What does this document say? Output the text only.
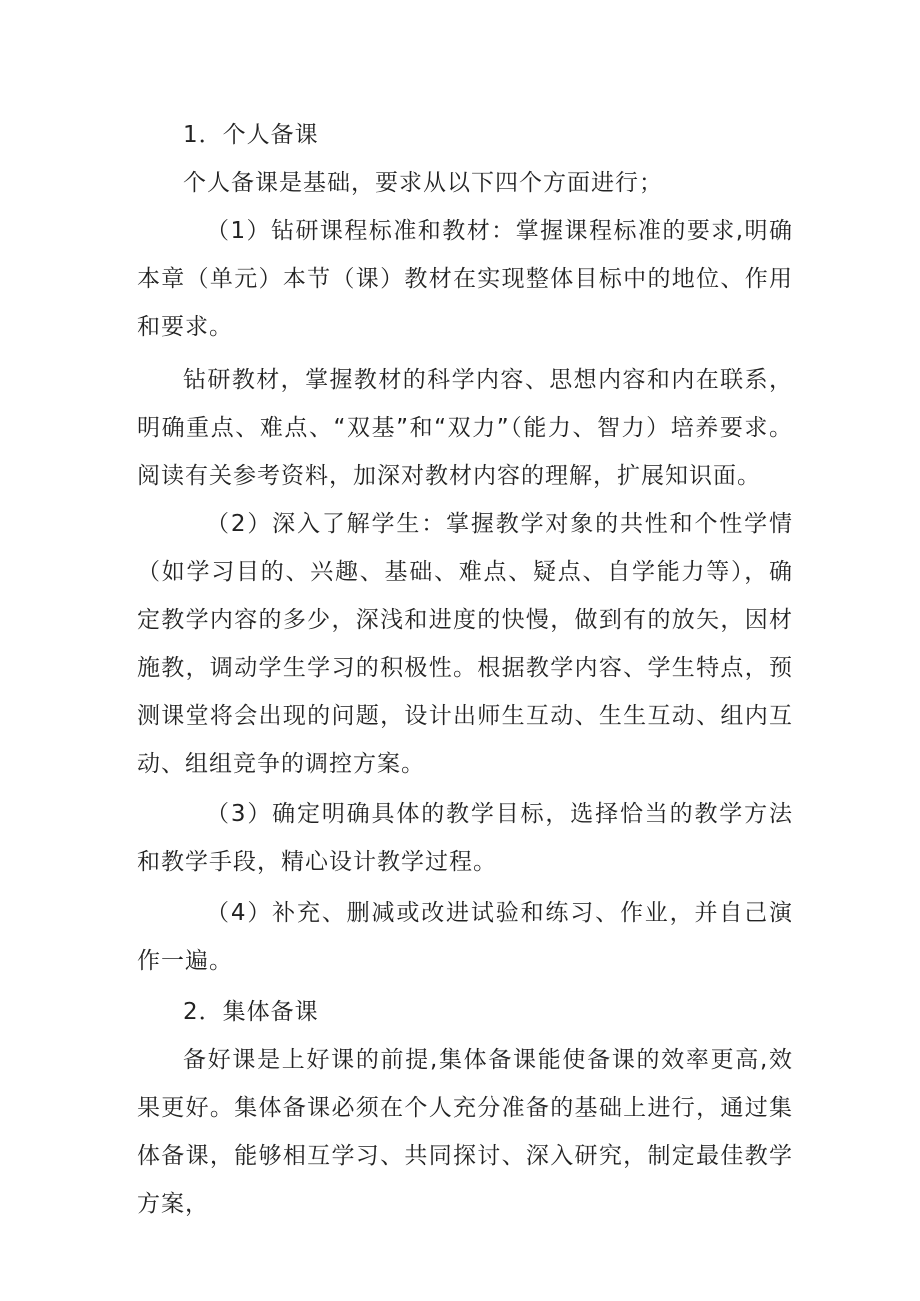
1．个人备课

个人备课是基础，要求从以下四个方面进行；

（1）钻研课程标准和教材：掌握课程标准的要求,明确本章（单元）本节（课）教材在实现整体目标中的地位、作用和要求。

钻研教材，掌握教材的科学内容、思想内容和内在联系，明确重点、难点、“双基”和“双力”（能力、智力）培养要求。阅读有关参考资料，加深对教材内容的理解，扩展知识面。

（2）深入了解学生：掌握教学对象的共性和个性学情（如学习目的、兴趣、基础、难点、疑点、自学能力等），确定教学内容的多少，深浅和进度的快慢，做到有的放矢，因材施教，调动学生学习的积极性。根据教学内容、学生特点，预测课堂将会出现的问题，设计出师生互动、生生互动、组内互动、组组竞争的调控方案。

（3）确定明确具体的教学目标，选择恰当的教学方法和教学手段，精心设计教学过程。

（4）补充、删减或改进试验和练习、作业，并自己演作一遍。

2．集体备课

备好课是上好课的前提,集体备课能使备课的效率更高,效果更好。集体备课必须在个人充分准备的基础上进行，通过集体备课，能够相互学习、共同探讨、深入研究，制定最佳教学方案，
